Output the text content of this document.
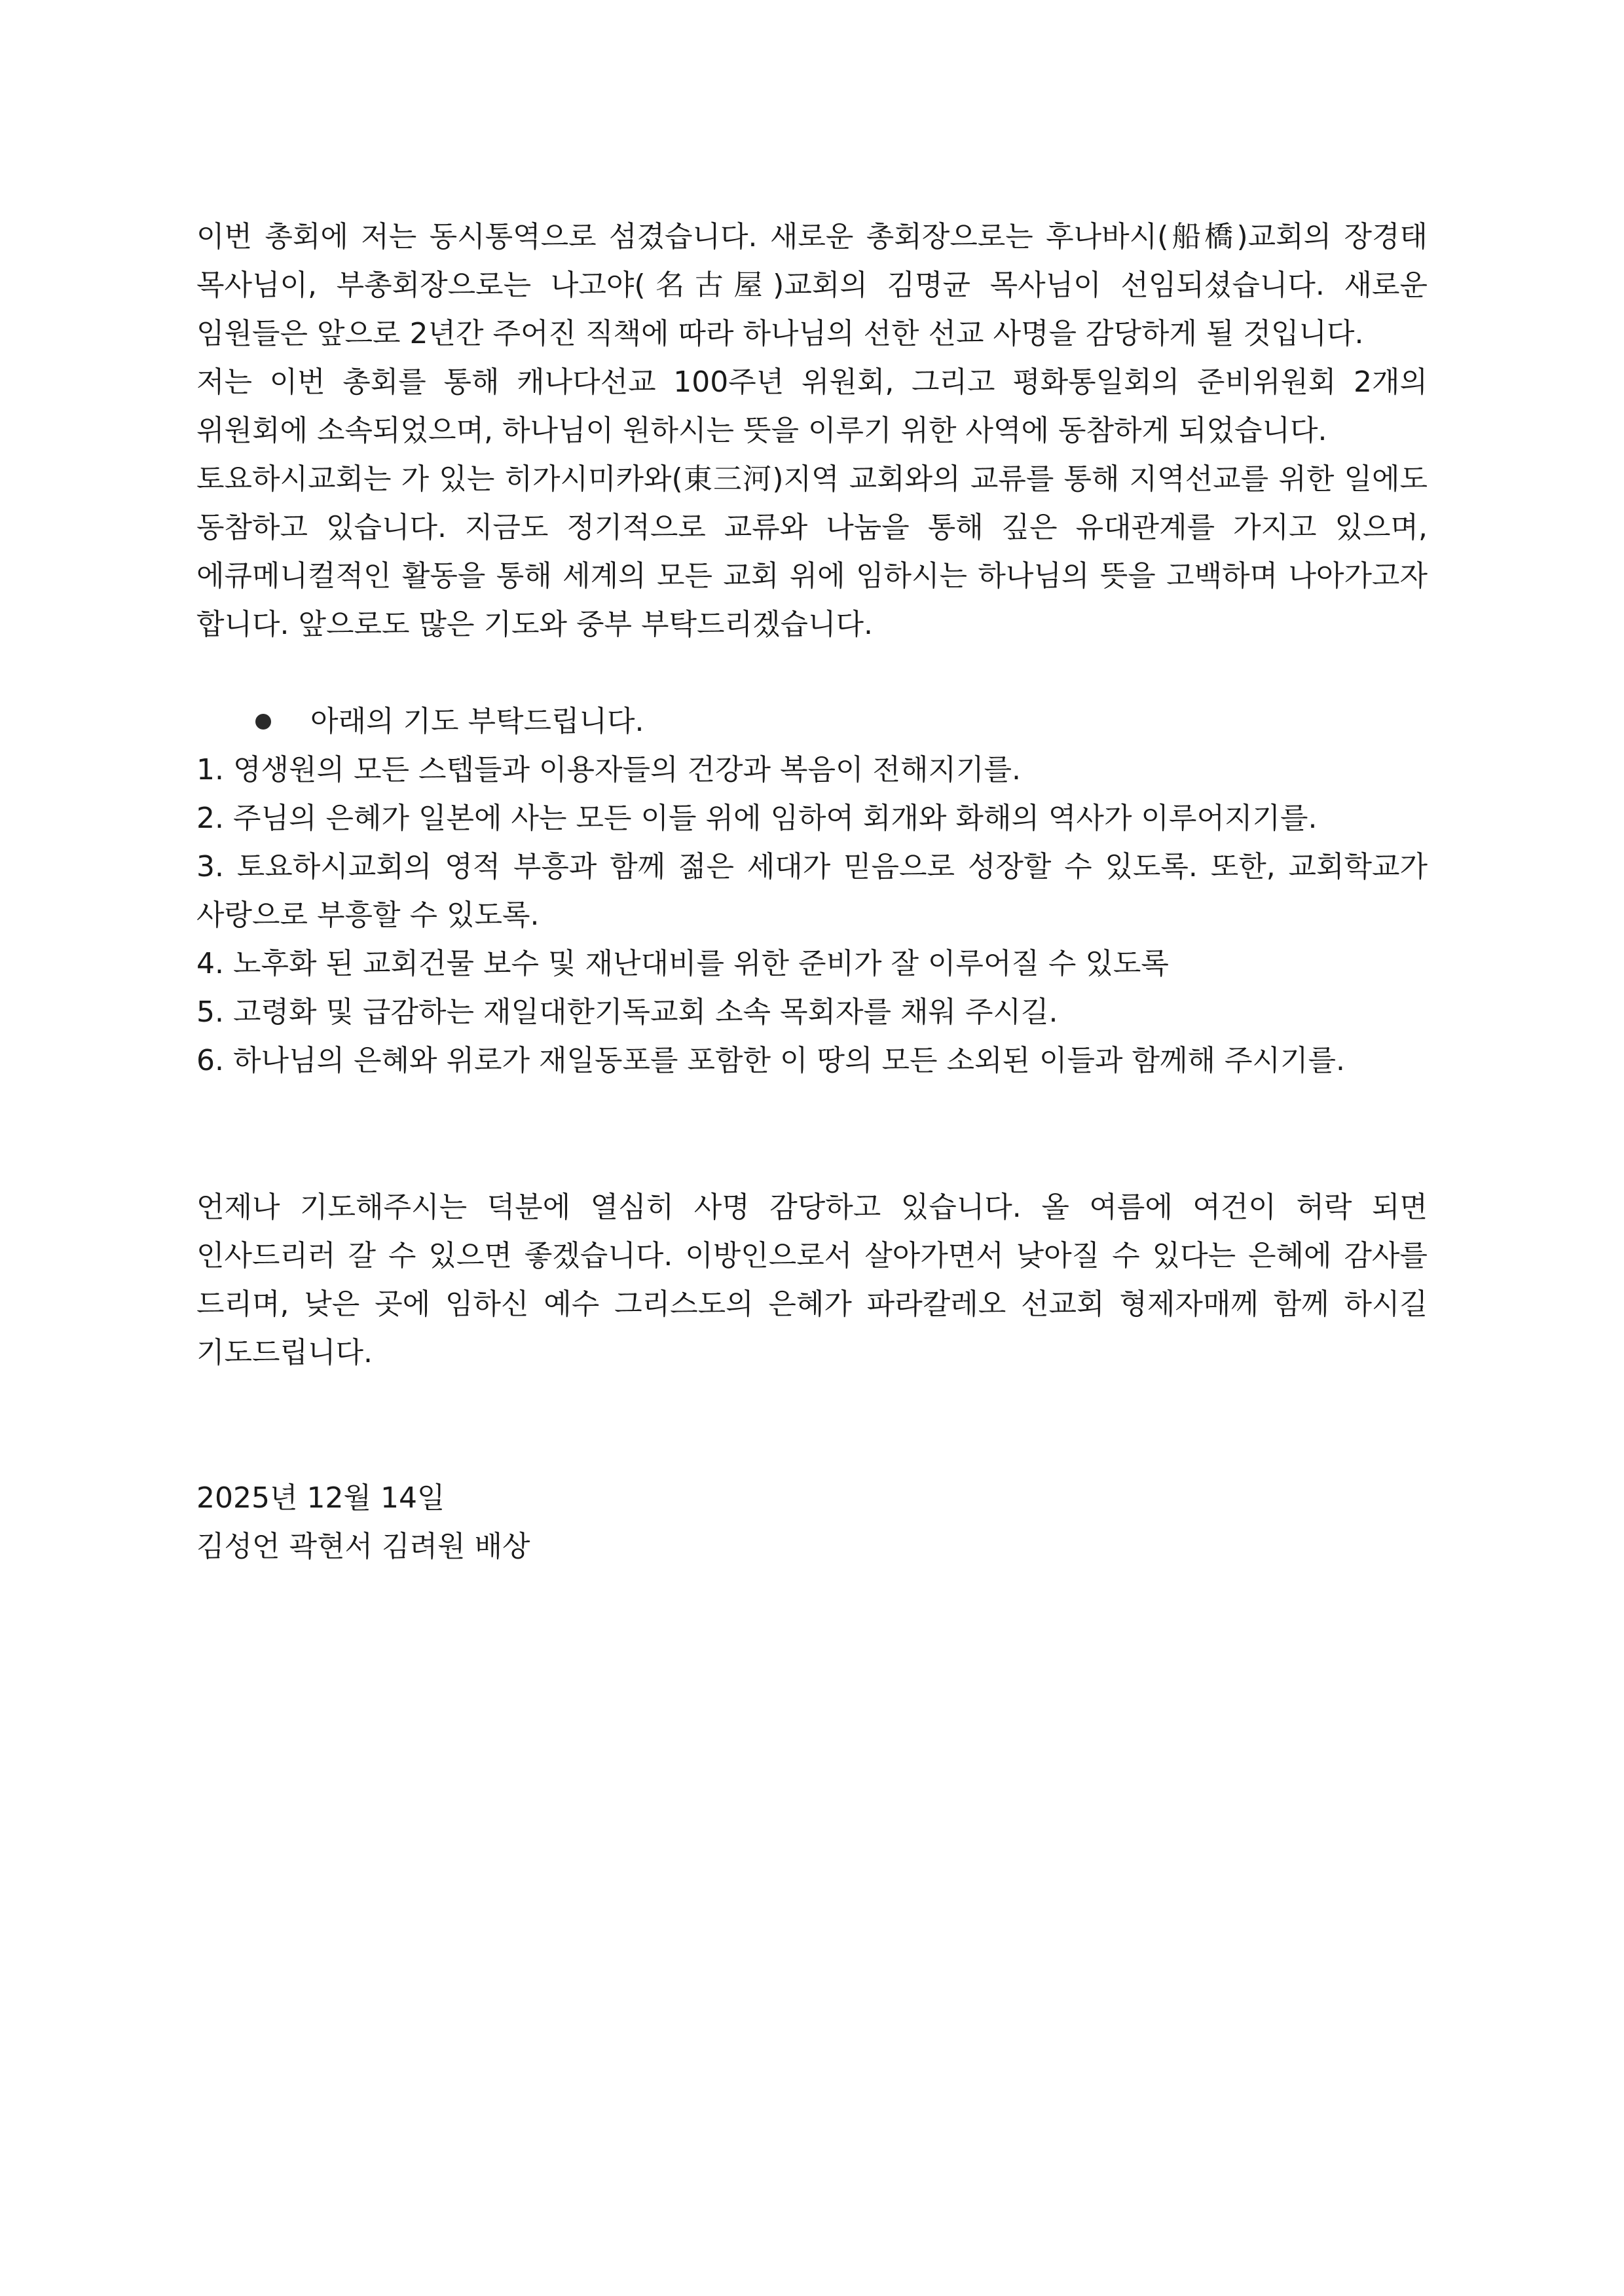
이번 총회에 저는 동시통역으로 섬겼습니다. 새로운 총회장으로는 후나바시(船橋)교회의 장경태 목사님이, 부총회장으로는 나고야(名古屋)교회의 김명균 목사님이 선임되셨습니다. 새로운 임원들은 앞으로 2년간 주어진 직책에 따라 하나님의 선한 선교 사명을 감당하게 될 것입니다.

저는 이번 총회를 통해 캐나다선교 100주년 위원회, 그리고 평화통일회의 준비위원회 2개의 위원회에 소속되었으며, 하나님이 원하시는 뜻을 이루기 위한 사역에 동참하게 되었습니다.

토요하시교회는 가 있는 히가시미카와(東三河)지역 교회와의 교류를 통해 지역선교를 위한 일에도 동참하고 있습니다. 지금도 정기적으로 교류와 나눔을 통해 깊은 유대관계를 가지고 있으며, 에큐메니컬적인 활동을 통해 세계의 모든 교회 위에 임하시는 하나님의 뜻을 고백하며 나아가고자 합니다. 앞으로도 많은 기도와 중부 부탁드리겠습니다.

아래의 기도 부탁드립니다.
1. 영생원의 모든 스텝들과 이용자들의 건강과 복음이 전해지기를.
2. 주님의 은혜가 일본에 사는 모든 이들 위에 임하여 회개와 화해의 역사가 이루어지기를.
3. 토요하시교회의 영적 부흥과 함께 젊은 세대가 믿음으로 성장할 수 있도록. 또한, 교회학교가 사랑으로 부흥할 수 있도록.
4. 노후화 된 교회건물 보수 및 재난대비를 위한 준비가 잘 이루어질 수 있도록
5. 고령화 및 급감하는 재일대한기독교회 소속 목회자를 채워 주시길.
6. 하나님의 은혜와 위로가 재일동포를 포함한 이 땅의 모든 소외된 이들과 함께해 주시기를.

언제나 기도해주시는 덕분에 열심히 사명 감당하고 있습니다. 올 여름에 여건이 허락 되면 인사드리러 갈 수 있으면 좋겠습니다. 이방인으로서 살아가면서 낮아질 수 있다는 은혜에 감사를 드리며, 낮은 곳에 임하신 예수 그리스도의 은혜가 파라칼레오 선교회 형제자매께 함께 하시길 기도드립니다.

2025년 12월 14일

김성언 곽현서 김려원 배상
